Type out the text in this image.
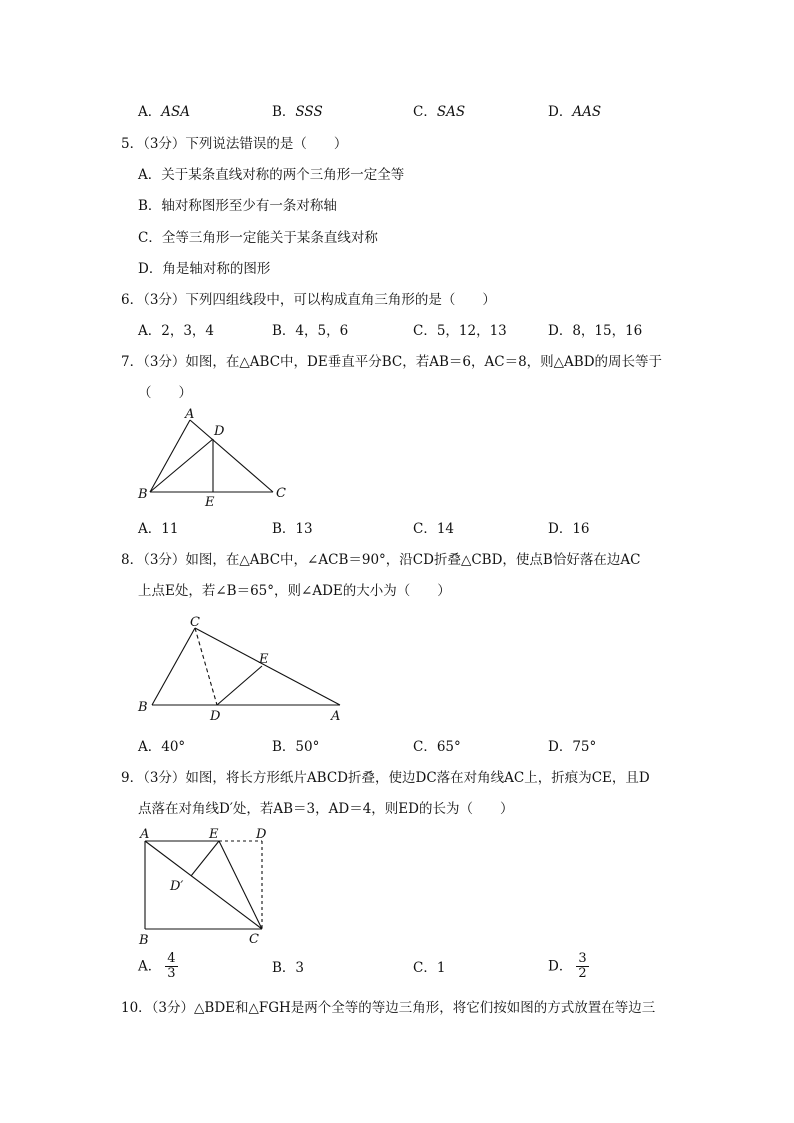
A．ASA	B．SSS	C．SAS	D．AAS
5．（3分）下列说法错误的是（　　）
A．关于某条直线对称的两个三角形一定全等
B．轴对称图形至少有一条对称轴
C．全等三角形一定能关于某条直线对称
D．角是轴对称的图形
6．（3分）下列四组线段中，可以构成直角三角形的是（　　）
A．2，3，4	B．4，5，6	C．5，12，13	D．8，15，16
7．（3分）如图，在△ABC中，DE垂直平分BC，若AB＝6，AC＝8，则△ABD的周长等于
（　　）
A
D
B	C
E
A．11	B．13	C．14	D．16
8．（3分）如图，在△ABC中，∠ACB＝90°，沿CD折叠△CBD，使点B恰好落在边AC
上点E处，若∠B＝65°，则∠ADE的大小为（　　）
C
E
B
D	A
A．40°	B．50°	C．65°	D．75°
9．（3分）如图，将长方形纸片ABCD折叠，使边DC落在对角线AC上，折痕为CE，且D
点落在对角线D′处，若AB＝3，AD＝4，则ED的长为（　　）
A	E	D
D′
B	C
A． $\frac{4}{3}$	B．3	C．1	D． $\frac{3}{2}$
10．（3分）△BDE和△FGH是两个全等的等边三角形，将它们按如图的方式放置在等边三
